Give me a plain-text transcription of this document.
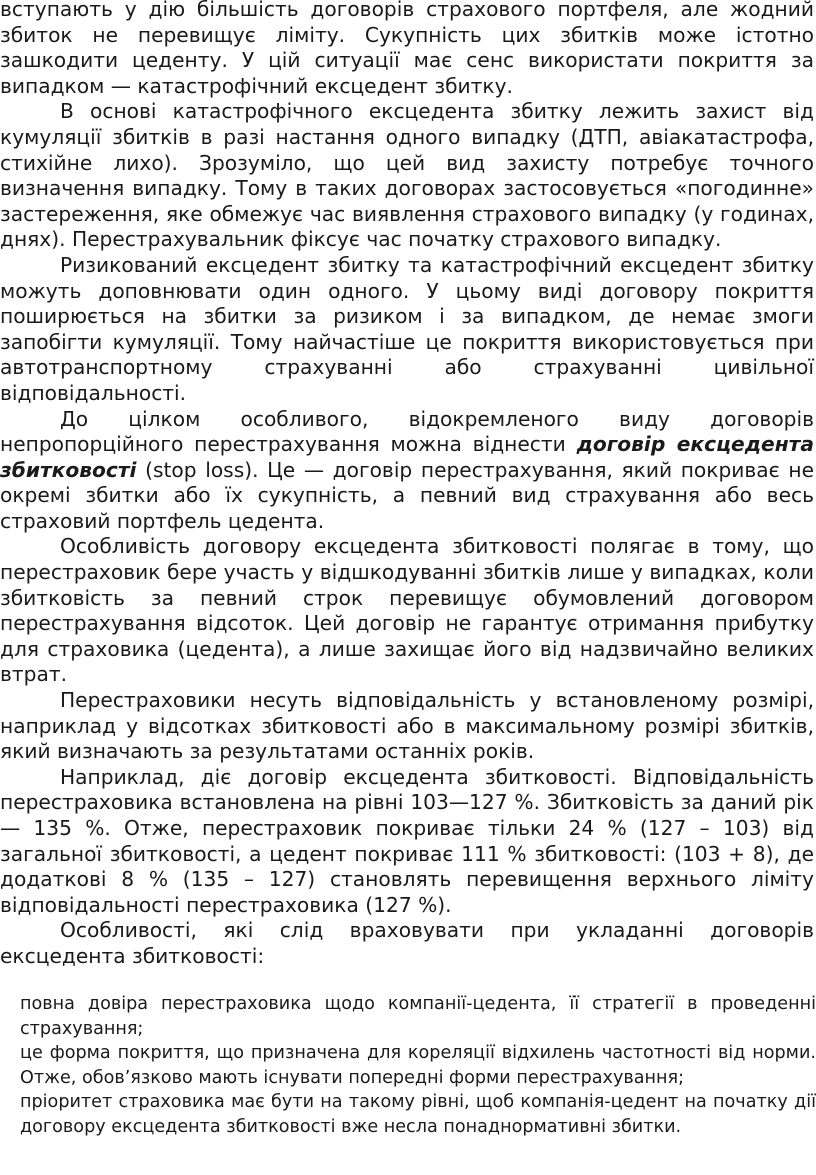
вступають у дію більшість договорів страхового портфеля, але жодний збиток не перевищує ліміту. Сукупність цих збитків може істотно зашкодити цеденту. У цій ситуації має сенс використати покриття за випадком — катастрофічний ексцедент збитку.

В основі катастрофічного ексцедента збитку лежить захист від кумуляції збитків в разі настання одного випадку (ДТП, авіакатастрофа, стихійне лихо). Зрозуміло, що цей вид захисту потребує точного визначення випадку. Тому в таких договорах застосовується «погодинне» застереження, яке обмежує час виявлення страхового випадку (у годинах, днях). Перестрахувальник фіксує час початку страхового випадку.

Ризикований ексцедент збитку та катастрофічний ексцедент збитку можуть доповнювати один одного. У цьому виді договору покриття поширюється на збитки за ризиком і за випадком, де немає змоги запобігти кумуляції. Тому найчастіше це покриття використовується при автотранспортному страхуванні або страхуванні цивільної відповідальності.

До цілком особливого, відокремленого виду договорів непропорційного перестрахування можна віднести договір ексцедента збитковості (stop loss). Це — договір перестрахування, який покриває не окремі збитки або їх сукупність, а певний вид страхування або весь страховий портфель цедента.

Особливість договору ексцедента збитковості полягає в тому, що перестраховик бере участь у відшкодуванні збитків лише у випадках, коли збитковість за певний строк перевищує обумовлений договором перестрахування відсоток. Цей договір не гарантує отримання прибутку для страховика (цедента), а лише захищає його від надзвичайно великих втрат.

Перестраховики несуть відповідальність у встановленому розмірі, наприклад у відсотках збитковості або в максимальному розмірі збитків, який визначають за результатами останніх років.

Наприклад, діє договір ексцедента збитковості. Відповідальність перестраховика встановлена на рівні 103—127 %. Збитковість за даний рік — 135 %. Отже, перестраховик покриває тільки 24 % (127 – 103) від загальної збитковості, а цедент покриває 111 % збитковості: (103 + 8), де додаткові 8 % (135 – 127) становлять перевищення верхнього ліміту відповідальності перестраховика (127 %).

Особливості, які слід враховувати при укладанні договорів ексцедента збитковості:

повна довіра перестраховика щодо компанії-цедента, її стратегії в проведенні страхування;

це форма покриття, що призначена для кореляції відхилень частотності від норми. Отже, обов’язково мають існувати попередні форми перестрахування;

пріоритет страховика має бути на такому рівні, щоб компанія-цедент на початку дії договору ексцедента збитковості вже несла понаднормативні збитки.
